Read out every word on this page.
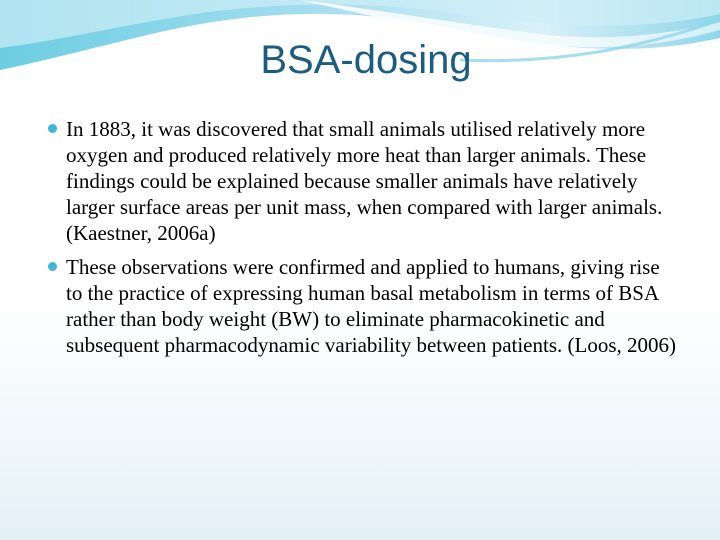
BSA-dosing
In 1883, it was discovered that small animals utilised relatively more oxygen and produced relatively more heat than larger animals. These findings could be explained because smaller animals have relatively larger surface areas per unit mass, when compared with larger animals. (Kaestner, 2006a)
These observations were confirmed and applied to humans, giving rise to the practice of expressing human basal metabolism in terms of BSA rather than body weight (BW) to eliminate pharmacokinetic and subsequent pharmacodynamic variability between patients. (Loos, 2006)
